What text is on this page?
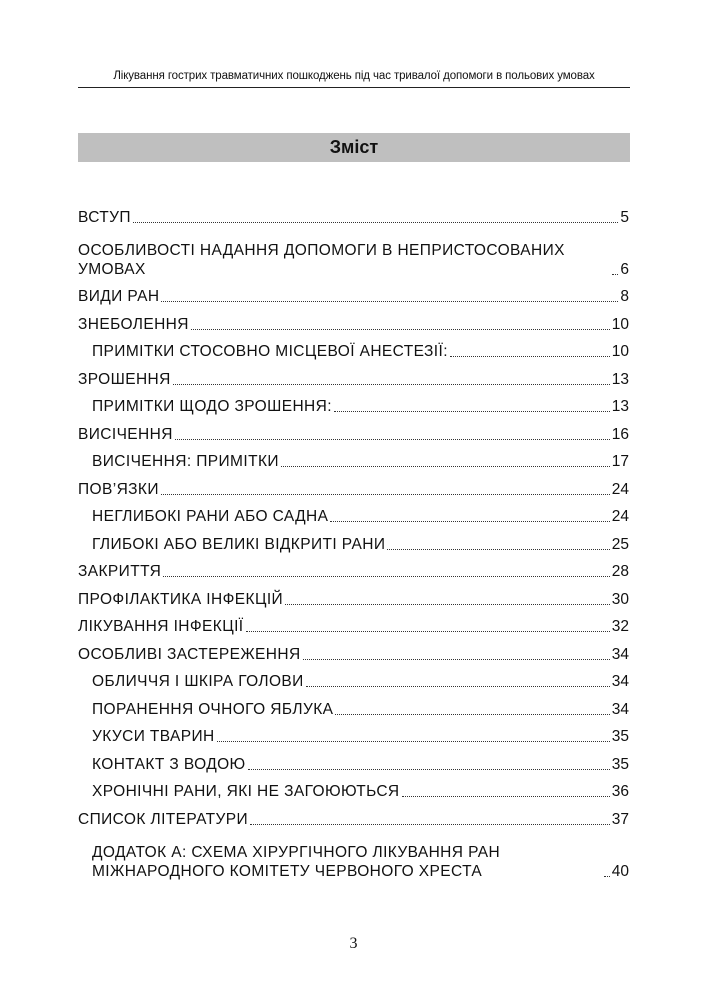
Лікування гострих травматичних пошкоджень під час тривалої допомоги в польових умовах
Зміст
ВСТУП	5
ОСОБЛИВОСТІ НАДАННЯ ДОПОМОГИ В НЕПРИСТОСОВАНИХ УМОВАХ	6
ВИДИ РАН	8
ЗНЕБОЛЕННЯ	10
ПРИМІТКИ СТОСОВНО МІСЦЕВОЇ АНЕСТЕЗІЇ:	10
ЗРОШЕННЯ	13
ПРИМІТКИ ЩОДО ЗРОШЕННЯ:	13
ВИСІЧЕННЯ	16
ВИСІЧЕННЯ: ПРИМІТКИ	17
ПОВ’ЯЗКИ	24
НЕГЛИБОКІ РАНИ АБО САДНА	24
ГЛИБОКІ АБО ВЕЛИКІ ВІДКРИТІ РАНИ	25
ЗАКРИТТЯ	28
ПРОФІЛАКТИКА ІНФЕКЦІЙ	30
ЛІКУВАННЯ ІНФЕКЦІЇ	32
ОСОБЛИВІ ЗАСТЕРЕЖЕННЯ	34
ОБЛИЧЧЯ І ШКІРА ГОЛОВИ	34
ПОРАНЕННЯ ОЧНОГО ЯБЛУКА	34
УКУСИ ТВАРИН	35
КОНТАКТ З ВОДОЮ	35
ХРОНІЧНІ РАНИ, ЯКІ НЕ ЗАГОЮЮТЬСЯ	36
СПИСОК ЛІТЕРАТУРИ	37
ДОДАТОК А: СХЕМА ХІРУРГІЧНОГО ЛІКУВАННЯ РАН МІЖНАРОДНОГО КОМІТЕТУ ЧЕРВОНОГО ХРЕСТА	40
3
